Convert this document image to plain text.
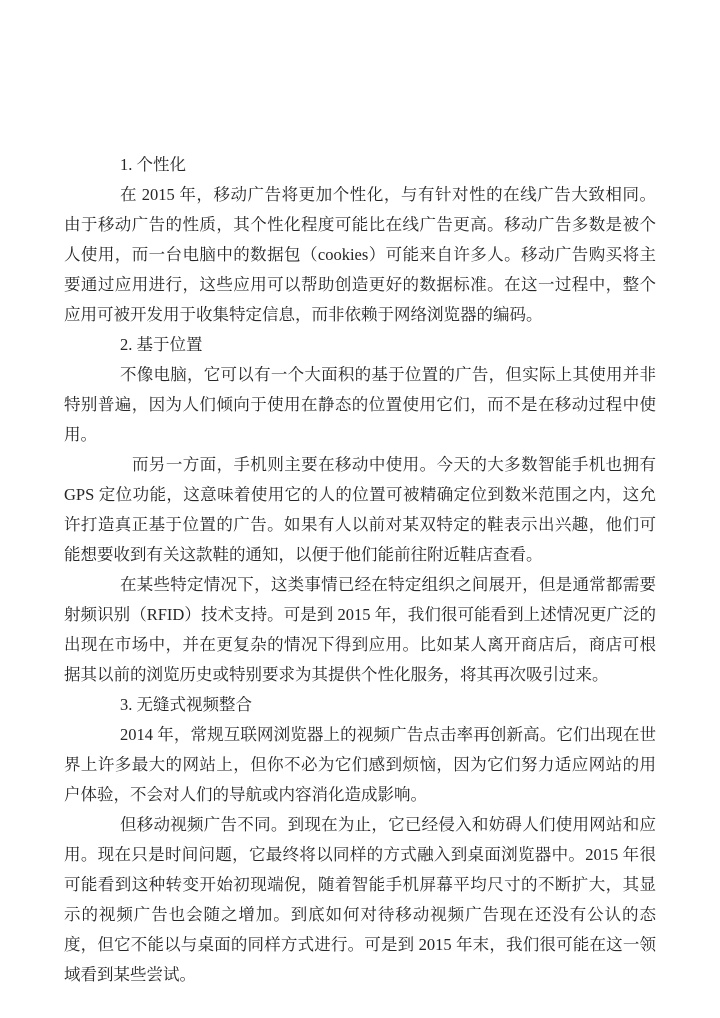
1. 个性化

在 2015 年，移动广告将更加个性化，与有针对性的在线广告大致相同。由于移动广告的性质，其个性化程度可能比在线广告更高。移动广告多数是被个人使用，而一台电脑中的数据包（cookies）可能来自许多人。移动广告购买将主要通过应用进行，这些应用可以帮助创造更好的数据标准。在这一过程中，整个应用可被开发用于收集特定信息，而非依赖于网络浏览器的编码。

2. 基于位置

不像电脑，它可以有一个大面积的基于位置的广告，但实际上其使用并非特别普遍，因为人们倾向于使用在静态的位置使用它们，而不是在移动过程中使用。

而另一方面，手机则主要在移动中使用。今天的大多数智能手机也拥有 GPS 定位功能，这意味着使用它的人的位置可被精确定位到数米范围之内，这允许打造真正基于位置的广告。如果有人以前对某双特定的鞋表示出兴趣，他们可能想要收到有关这款鞋的通知，以便于他们能前往附近鞋店查看。

在某些特定情况下，这类事情已经在特定组织之间展开，但是通常都需要射频识别（RFID）技术支持。可是到 2015 年，我们很可能看到上述情况更广泛的出现在市场中，并在更复杂的情况下得到应用。比如某人离开商店后，商店可根据其以前的浏览历史或特别要求为其提供个性化服务，将其再次吸引过来。

3. 无缝式视频整合

2014 年，常规互联网浏览器上的视频广告点击率再创新高。它们出现在世界上许多最大的网站上，但你不必为它们感到烦恼，因为它们努力适应网站的用户体验，不会对人们的导航或内容消化造成影响。

但移动视频广告不同。到现在为止，它已经侵入和妨碍人们使用网站和应用。现在只是时间问题，它最终将以同样的方式融入到桌面浏览器中。2015 年很可能看到这种转变开始初现端倪，随着智能手机屏幕平均尺寸的不断扩大，其显示的视频广告也会随之增加。到底如何对待移动视频广告现在还没有公认的态度，但它不能以与桌面的同样方式进行。可是到 2015 年末，我们很可能在这一领域看到某些尝试。
